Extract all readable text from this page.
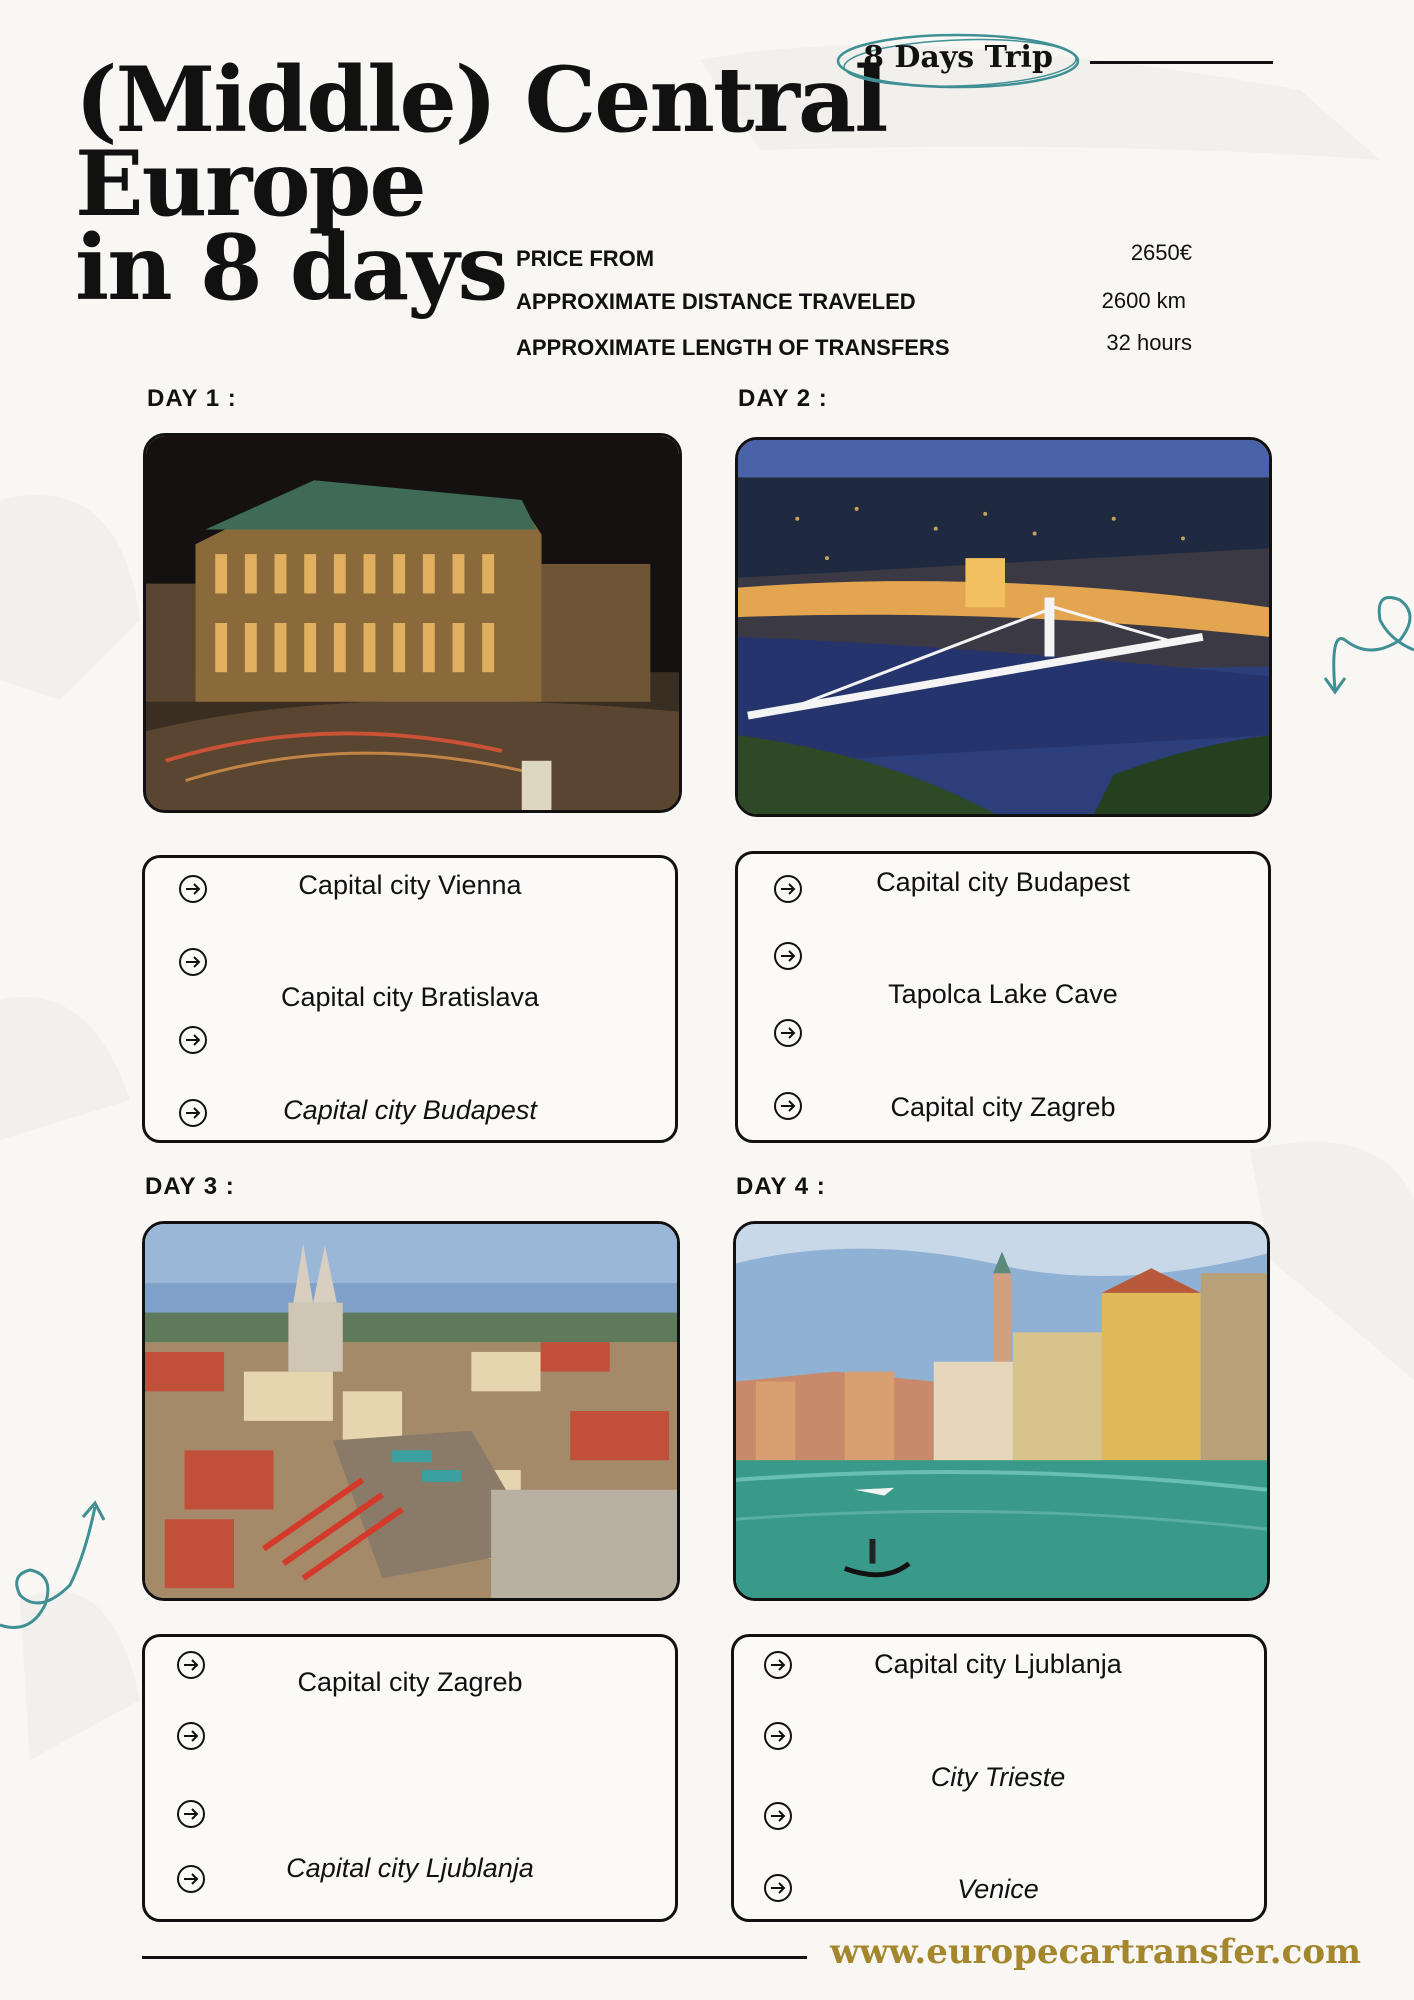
(Middle) Central
Europe
in 8 days
8 Days Trip
PRICE FROM	2650€
APPROXIMATE DISTANCE TRAVELED	2600 km
APPROXIMATE LENGTH OF TRANSFERS	32 hours
DAY 1 :	DAY 2 :
DAY 3 :	DAY 4 :
Capital city Vienna
Capital city Bratislava
Capital city Budapest
Capital city Budapest
Tapolca Lake Cave
Capital city Zagreb
Capital city Zagreb
Capital city Ljublanja
Capital city Ljublanja
City Trieste
Venice
www.europecartransfer.com
